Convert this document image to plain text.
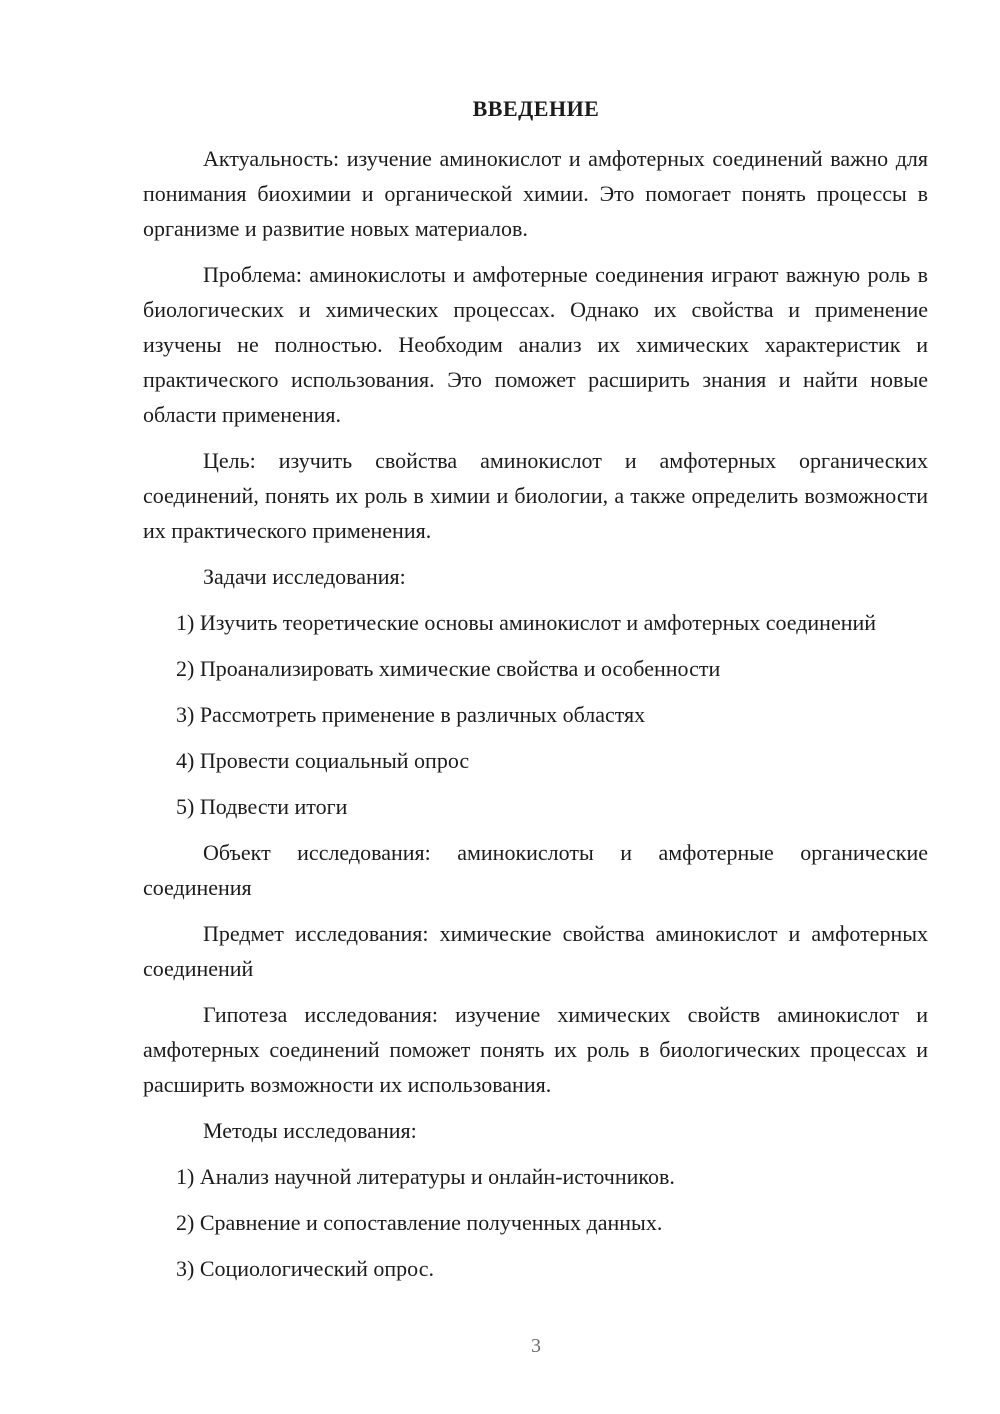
ВВЕДЕНИЕ

Актуальность: изучение аминокислот и амфотерных соединений важно для понимания биохимии и органической химии. Это помогает понять процессы в организме и развитие новых материалов.

Проблема: аминокислоты и амфотерные соединения играют важную роль в биологических и химических процессах. Однако их свойства и применение изучены не полностью. Необходим анализ их химических характеристик и практического использования. Это поможет расширить знания и найти новые области применения.

Цель: изучить свойства аминокислот и амфотерных органических соединений, понять их роль в химии и биологии, а также определить возможности их практического применения.

Задачи исследования:

1) Изучить теоретические основы аминокислот и амфотерных соединений

2) Проанализировать химические свойства и особенности

3) Рассмотреть применение в различных областях

4) Провести социальный опрос

5) Подвести итоги

Объект исследования: аминокислоты и амфотерные органические соединения

Предмет исследования: химические свойства аминокислот и амфотерных соединений

Гипотеза исследования: изучение химических свойств аминокислот и амфотерных соединений поможет понять их роль в биологических процессах и расширить возможности их использования.

Методы исследования:

1) Анализ научной литературы и онлайн-источников.

2) Сравнение и сопоставление полученных данных.

3) Социологический опрос.

3
